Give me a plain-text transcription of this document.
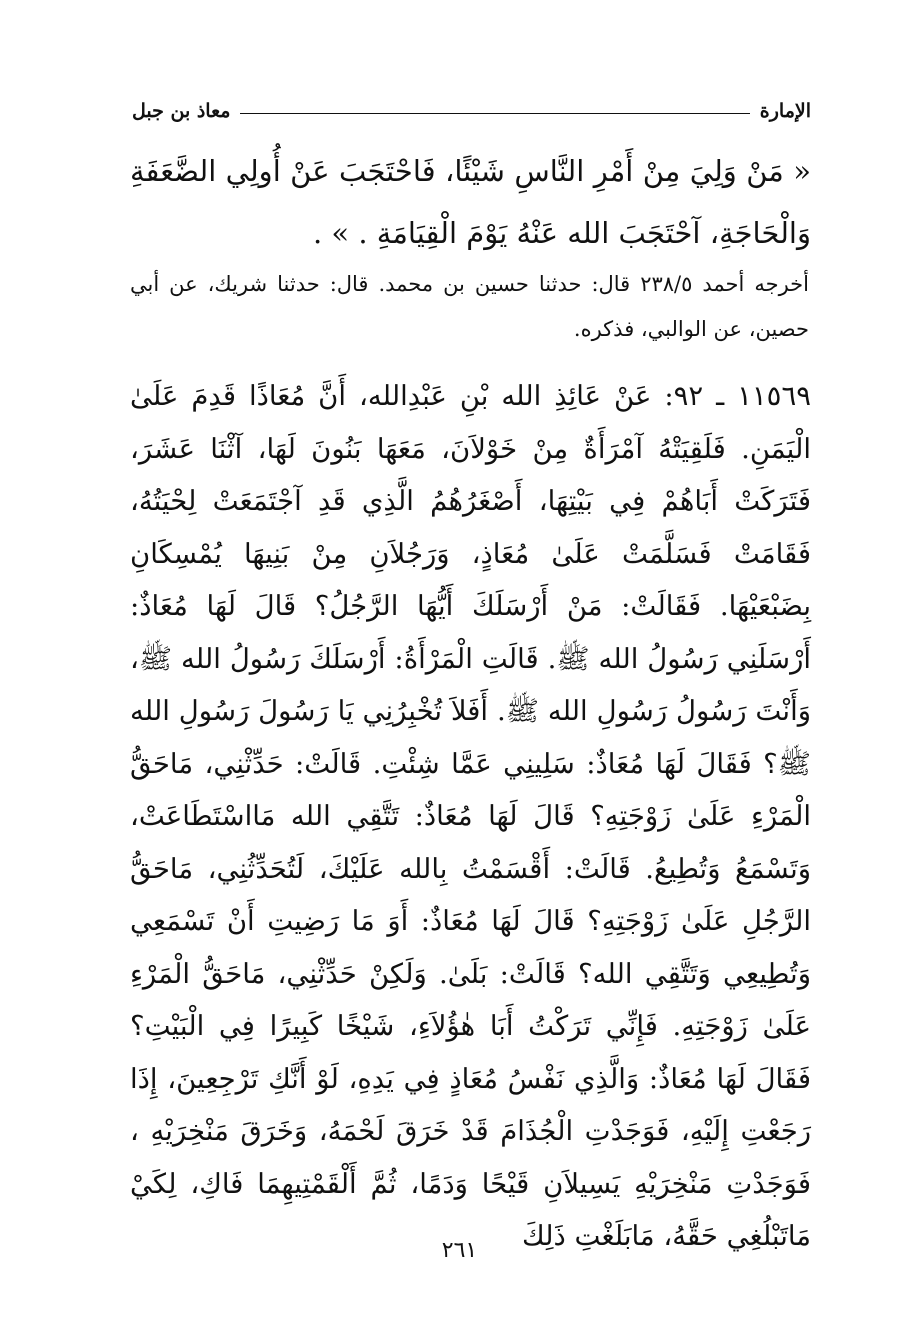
الإمارة
معاذ بن جبل
« مَنْ وَلِيَ مِنْ أَمْرِ النَّاسِ شَيْئًا، فَاحْتَجَبَ عَنْ أُولِي الضَّعَفَةِ وَالْحَاجَةِ، آحْتَجَبَ الله عَنْهُ يَوْمَ الْقِيَامَةِ . » .
أخرجه أحمد ٢٣٨/٥ قال: حدثنا حسين بن محمد. قال: حدثنا شريك، عن أبي حصين، عن الوالبي، فذكره.
١١٥٦٩ ـ ٩٢: عَنْ عَائِذِ الله بْنِ عَبْدِالله، أَنَّ مُعَاذًا قَدِمَ عَلَىٰ الْيَمَنِ. فَلَقِيَتْهُ آمْرَأَةٌ مِنْ خَوْلاَنَ، مَعَهَا بَنُونَ لَهَا، آثْنَا عَشَرَ، فَتَرَكَتْ أَبَاهُمْ فِي بَيْتِهَا، أَصْغَرُهُمُ الَّذِي قَدِ آجْتَمَعَتْ لِحْيَتُهُ، فَقَامَتْ فَسَلَّمَتْ عَلَىٰ مُعَاذٍ، وَرَجُلاَنِ مِنْ بَنِيهَا يُمْسِكَانِ بِضَبْعَيْهَا. فَقَالَتْ: مَنْ أَرْسَلَكَ أَيُّهَا الرَّجُلُ؟ قَالَ لَهَا مُعَاذٌ: أَرْسَلَنِي رَسُولُ الله ﷺ. قَالَتِ الْمَرْأَةُ: أَرْسَلَكَ رَسُولُ الله ﷺ، وَأَنْتَ رَسُولُ رَسُولِ الله ﷺ. أَفَلاَ تُخْبِرُنِي يَا رَسُولَ رَسُولِ الله ﷺ؟ فَقَالَ لَهَا مُعَاذٌ: سَلِينِي عَمَّا شِئْتِ. قَالَتْ: حَدِّثْنِي، مَاحَقُّ الْمَرْءِ عَلَىٰ زَوْجَتِهِ؟ قَالَ لَهَا مُعَاذٌ: تَتَّقِي الله مَااسْتَطَاعَتْ، وَتَسْمَعُ وَتُطِيعُ. قَالَتْ: أَقْسَمْتُ بِالله عَلَيْكَ، لَتُحَدِّثُنِي، مَاحَقُّ الرَّجُلِ عَلَىٰ زَوْجَتِهِ؟ قَالَ لَهَا مُعَاذٌ: أَوَ مَا رَضِيتِ أَنْ تَسْمَعِي وَتُطِيعِي وَتَتَّقِي الله؟ قَالَتْ: بَلَىٰ. وَلَكِنْ حَدِّثْنِي، مَاحَقُّ الْمَرْءِ عَلَىٰ زَوْجَتِهِ. فَإِنِّي تَرَكْتُ أَبَا هٰؤُلاَءِ، شَيْخًا كَبِيرًا فِي الْبَيْتِ؟ فَقَالَ لَهَا مُعَاذٌ: وَالَّذِي نَفْسُ مُعَاذٍ فِي يَدِهِ، لَوْ أَنَّكِ تَرْجِعِينَ، إِذَا رَجَعْتِ إِلَيْهِ، فَوَجَدْتِ الْجُذَامَ قَدْ خَرَقَ لَحْمَهُ، وَخَرَقَ مَنْخِرَيْهِ ، فَوَجَدْتِ مَنْخِرَيْهِ يَسِيلاَنِ قَيْحًا وَدَمًا، ثُمَّ أَلْقَمْتِيهِمَا فَاكِ، لِكَيْ مَاتَبْلُغِي حَقَّهُ، مَابَلَغْتِ ذَلِكَ
٢٦١
